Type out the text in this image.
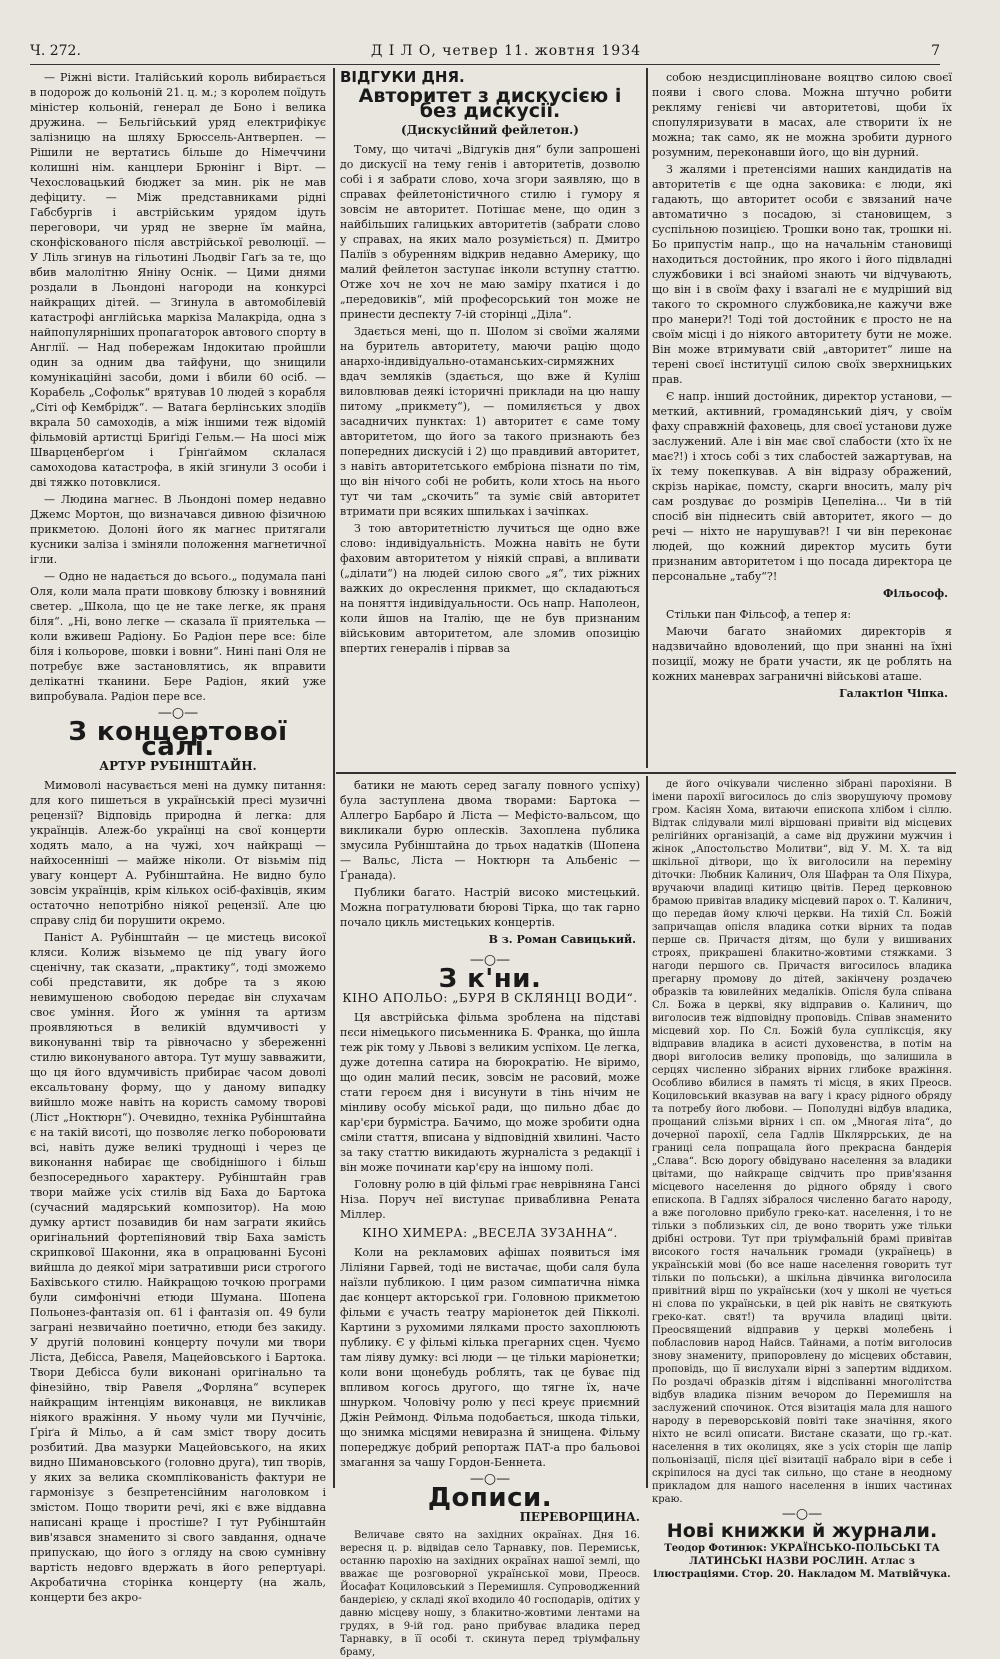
Ч. 272.	Д І Л О, четвер 11. жовтня 1934	7

— Ріжні вісти. Італійський король вибирається в подорож до кольоній 21. ц. м.; з королем поїдуть міністер кольоній, генерал де Боно і велика дружина. — Бельгійський уряд електрифікує залізницю на шляху Брюссель-Антверпен. — Рішили не вертатись більше до Німеччини колишні нім. канцлери Брюнінг і Вірт. — Чехословацький бюджет за мин. рік не мав дефіциту. — Між представниками рідні Габсбургів і австрійським урядом ідуть переговори, чи уряд не зверне їм майна, сконфіскованого після австрійської революції. — У Ліль згинув на гільотині Льодвіг Гаґь за те, що вбив малолітню Яніну Оснік. — Цими днями роздали в Льондоні нагороди на конкурсі найкращих дітей. — Згинула в автомобілевій катастрофі англійська маркіза Малакріда, одна з найпопулярніших пропагаторок автового спорту в Англії. — Над побережам Індокитаю пройшли один за одним два тайфуни, що знищили комунікаційні засоби, доми і вбили 60 осіб. — Корабель „Софольк“ врятував 10 людей з корабля „Сіті оф Кембрідж“. — Ватага берлінських злодіїв вкрала 50 самоходів, а між іншими теж відомій фільмовій артистці Бриґіді Гельм.— На шосі між Шварценберґом і Ґрінґаймом склалася самоходова катастрофа, в якій згинули 3 особи і дві тяжко потовклися.

— Людина магнес. В Льондоні помер недавно Джемс Мортон, що визначався дивною фізичною прикметою. Долоні його як магнес притягали кусники заліза і зміняли положення магнетичної ігли.

— Одно не надається до всього.„ подумала пані Оля, коли мала прати шовкову блюзку і вовняний светер. „Школа, що це не таке легке, як праня біля“. „Ні, воно легке — сказала її приятелька — коли вживеш Радіону. Бо Радіон пере все: біле біля і кольорове, шовки і вовни“. Нині пані Оля не потребує вже застановлятись, як вправити делікатні тканини. Бере Радіон, який уже випробувала. Радіон пере все.

—○—
З концертової салі.
АРТУР РУБІНШТАЙН.

Мимоволі насувається мені на думку питання: для кого пишеться в українській пресі музичні рецензії? Відповідь природна й легка: для українців. Алеж-бо українці на свої концерти ходять мало, а на чужі, хоч найкращі — найхосенніші — майже ніколи. От візьмім під увагу концерт А. Рубінштайна. Не видно було зовсім українців, крім кількох осіб-фахівців, яким остаточно непотрібно ніякої рецензії. Але цю справу слід би порушити окремо.

Паніст А. Рубінштайн — це мистець високої кляси. Колиж візьмемо це під увагу його сценічну, так сказати, „практику“, тоді зможемо собі представити, як добре та з якою невимушеною свободою передає він слухачам своє уміння. Його ж уміння та артизм проявляються в великій вдумчивості у виконуванні твір та рівночасно у збереженні стилю виконуваного автора. Тут мушу завважити, що ця його вдумчивість прибирає часом доволі ексальтовану форму, що у даному випадку вийшло може навіть на користь самому творові (Ліст „Ноктюрн“). Очевидно, техніка Рубінштайна є на такій висоті, що позволяє легко побороювати всі, навіть дуже великі труднощі і через це виконання набирає ще свобіднішого і більш безпосереднього характеру. Рубінштайн грав твори майже усіх стилів від Баха до Бартока (сучасний мадярський композитор). На мою думку артист позавидив би нам заграти якийсь оригінальний фортепіяновий твір Баха замість скрипкової Шаконни, яка в опрацюванні Бусоні вийшла до деякої міри затративши риси строгого Бахівського стилю. Найкращою точкою програми були симфонічні етюди Шумана. Шопена Польонез-фантазія оп. 61 і фантазія оп. 49 були заграні незвичайно поетично, етюди без закиду. У другій половині концерту почули ми твори Ліста, Дебісса, Равеля, Мацейовського і Бартока. Твори Дебісса були виконані оригінально та фінезійно, твір Равеля „Форляна“ всуперек найкращим інтенціям виконавця, не викликав ніякого вражіння. У ньому чули ми Пуччініє, Ґріґа й Мільо, а й сам зміст твору досить розбитий. Два мазурки Мацейовського, на яких видно Шимановського (головно друга), тип творів, у яких за велика скомплікованість фактури не гармонізує з безпретенсійним наголовком і змістом. Пощо творити речі, які є вже віддавна написані краще і простіше? І тут Рубінштайн вив'язався знаменито зі свого завдання, одначе припускаю, що його з огляду на свою сумнівну вартість недовго вдержать в його репертуарі. Акробатична сторінка концерту (на жаль, концерти без акро-

ВІДГУКИ ДНЯ.
Авторитет з дискусією і без дискусії.
(Дискусійний фейлетон.)

Тому, що читачі „Відгуків дня“ були запрошені до дискусії на тему генів і авторитетів, дозволю собі і я забрати слово, хоча згори заявляю, що в справах фейлетоністичного стилю і гумору я зовсім не авторитет. Потішає мене, що один з найбільших галицьких авторитетів (забрати слово у справах, на яких мало розуміється) п. Дмитро Паліїв з обуренням відкрив недавно Америку, що малий фейлетон заступає інколи вступну статтю. Отже хоч не хоч не маю заміру пхатися і до „передовиків“, мій професорський тон може не принести деспекту 7-ій сторінці „Діла“.

Здається мені, що п. Шолом зі своїми жалями на буритель авторитету, маючи рацію щодо анархо-індивідуально-отаманських-сирмяжних вдач земляків (здається, що вже й Куліш виловлював деякі історичні приклади на цю нашу питому „прикмету“), — помиляється у двох засадничих пунктах: 1) авторитет є саме тому авторитетом, що його за такого признають без попередних дискусій і 2) що правдивий авторитет, з навіть авторитетського ембріона пізнати по тім, що він нічого собі не робить, коли хтось на нього тут чи там „скочить“ та зуміє свій авторитет втримати при всяких шпильках і зачіпках.

З тою авторитетністю лучиться ще одно вже слово: індивідуальність. Можна навіть не бути фаховим авторитетом у ніякій справі, а впливати („ділати“) на людей силою свого „я“, тих ріжних важких до окреслення прикмет, що складаються на поняття індивідуальности. Ось напр. Наполеон, коли йшов на Італію, ще не був признаним військовим авторитетом, але зломив опозицію впертих генералів і пірвав за

батики не мають серед загалу повного успіху) була заступлена двома творами: Бартока — Аллегро Барбаро й Ліста — Мефісто-вальсом, що викликали бурю оплесків. Захоплена публика змусила Рубінштайна до трьох надатків (Шопена — Вальс, Ліста — Ноктюрн та Альбеніс — Ґранада).

Публики багато. Настрій високо мистецький. Можна погратулювати бюрові Тірка, що так гарно почало цикль мистецьких концертів.

В з. Роман Савицький.
—○—
З к'ни.
КІНО АПОЛЬО: „БУРЯ В СКЛЯНЦІ ВОДИ“.

Ця австрійська фільма зроблена на підставі пєси німецького письменника Б. Франка, що йшла теж рік тому у Львові з великим успіхом. Це легка, дуже дотепна сатира на бюрократію. Не віримо, що один малий песик, зовсім не расовий, може стати героєм дня і висунути в тінь нічим не мінливу особу міської ради, що пильно дбає до кар'єри бурмістра. Бачимо, що може зробити одна сміли стаття, вписана у відповідній хвилині. Часто за таку статтю викидають журналіста з редакції і він може починати кар'єру на іншому полі.

Головну ролю в цій фільмі грає неврівняна Гансі Ніза. Поруч неї виступає привабливна Рената Міллер.

КІНО ХИМЕРА: „ВЕСЕЛА ЗУЗАННА“.

Коли на рекламових афішах появиться імя Ліліяни Гарвей, тоді не вистачає, щоби саля була наїзли публикою. І цим разом симпатична німка дає концерт акторської гри. Головною прикметою фільми є участь театру маріонеток дей Пікколі. Картини з рухомими лялками просто захоплюють публику. Є у фільмі кілька прегарних сцен. Чуємо там ліяву думку: всі люди — це тільки маріонетки; коли вони щонебудь роблять, так це буває під впливом когось другого, що тягне їх, наче шнурком. Чоловічу ролю у пєсі креує приємний Джін Реймонд. Фільма подобається, шкода тільки, що знимка місцями невиразна й знищена. Фільму попереджує добрий репортаж ПАТ-а про бальовоі змагання за чашу Гордон-Беннета.

—○—
Дописи.
ПЕРЕВОРЩИНА.

Величаве свято на західних окраїнах. Дня 16. вересня ц. р. відвідав село Тарнавку, пов. Перемиськ, останню парохію на західних окраїнах нашої землі, що вважає ще розговорної української мови, Преосв. Йосафат Коциловський з Перемишля. Супроводженний бандерією, у складі якої входило 40 господарів, одітих у давню місцеву ношу, з блакитно-жовтими лентами на грудях, в 9-ій год. рано прибуває владика перед Тарнавку, в її особі т. скинута перед тріумфальну браму,

собою нездисципліноване вояцтво силою своєї появи і свого слова. Можна штучно робити рекляму генієві чи авторитетові, щоби їх спопуляризувати в масах, але створити їх не можна; так само, як не можна зробити дурного розумним, переконавши його, що він дурний.

З жалями і претенсіями наших кандидатів на авторитетів є ще одна заковика: є люди, які гадають, що авторитет особи є звязаний наче автоматично з посадою, зі становищем, з суспільною позицією. Трошки воно так, трошки ні. Бо припустім напр., що на начальнім становищі находиться достойник, про якого і його підвладні службовики і всі знайомі знають чи відчувають, що він і в своїм фаху і взагалі не є мудріший від такого то скромного службовика,не кажучи вже про манери?! Тоді той достойник є просто не на своїм місці і до ніякого авторитету бути не може. Він може втримувати свій „авторитет“ лише на терені своєї інституції силою своїх зверхницьких прав.

Є напр. інший достойник, директор установи, — меткий, активний, громадянський діяч, у своїм фаху справжній фаховець, для своєї установи дуже заслужений. Але і він має свої слабости (хто їх не має?!) і хтось собі з тих слабостей зажартував, на їх тему покепкував. А він відразу ображений, скрізь нарікає, помсту, скарги вносить, малу річ сам роздуває до розмірів Цепеліна... Чи в тій спосіб він піднесить свій авторитет, якого — до речі — ніхто не нарушував?! І чи він переконає людей, що кожний директор мусить бути признаним авторитетом і що посада директора це персональне „табу“?!

Фільософ.

Стільки пан Фільсоф, а тепер я:

Маючи багато знайомих директорів я надзвичайно вдоволений, що при знанні на їхні позиції, можу не брати участи, як це роблять на кожних маневрах заграничні військові аташе.

Галактіон Чіпка.

де його очікували численно зібрані парохіяни. В імени парохії вигосилось до сліз зворушуючу промову гром. Касіян Хома, витаючи епископа хлібом і сіллю. Відтак слідували милі віршовані привіти від місцевих релігійних організацій, а саме від дружини мужчин і жінок „Апостольство Молитви“, від У. М. Х. та від шкільної дітвори, що їх виголосили на переміну діточки: Любник Калинич, Оля Шафран та Оля Піхура, вручаючи владиці китицю цвітів. Перед церковною брамою привітав владику місцевий парох о. Т. Калинич, що передав йому ключі церкви. На тихій Сл. Божій запричащав опісля владика сотки вірних та подав перше св. Причастя дітям, що були у вишиваних строях, прикрашені блакитно-жовтими стяжками. З нагоди першого св. Причастя вигосилось владика прегарну промову до дітей, закінчену роздачею образків та ювилейних медаліків. Опісля була співана Сл. Божа в церкві, яку відправив о. Калинич, що виголосив теж відповідну проповідь. Співав знаменито місцевий хор. По Сл. Божій була супліксція, яку відправив владика в асисті духовенства, в потім на дворі виголосив велику проповідь, що залишила в серцях численно зібраних вірних глибоке вражіння. Особливо вбилися в память ті місця, в яких Преосв. Коциловський вказував на вагу і красу рідного обряду та потребу його любови. — Пополудні відбув владика, прощаний слізьми вірних і сп. ом „Многая літа“, до дочерної парохії, села Гадлів Шкляррських, де на границі села попращала його прекрасна бандерія „Слава“. Всю дорогу обвідувано населення за владики цвітами, що найкраще свідчить про прив'язання місцевого населення до рідного обряду і свого епископа. В Гадлях зібралося численно багато народу, а вже поголовно прибуло греко-кат. населення, і то не тільки з поблизьких сіл, де воно творить уже тільки дрібні острови. Тут при тріумфальній брамі привітав високого гостя начальник громади (українець) в українській мові (бо все наше населення говорить тут тільки по польськи), а шкільна дівчинка виголосила привітний вірш по українськи (хоч у школі не чується ні слова по українськи, в цей рік навіть не святкують греко-кат. свят!) та вручила владиці цвіти. Преосвящений відправив у церкві молебень і побласловив народ Найсв. Тайнами, а потім виголосив знову знамениту, припоровлену до місцевих обставин, проповідь, що її вислухали вірні з запертим віддихом. По роздачі образків дітям і відспіванні многолітства відбув владика пізним вечором до Перемишля на заслужений спочинок. Отся візитація мала для нашого народу в переворськовій повіті таке значіння, якого ніхто не всилі описати. Вистане сказати, що гр.-кат. населення в тих околицях, яке з усіх сторін ще лапір польонізації, після цієї візитації набрало віри в себе і скріпилося на дусі так сильно, що стане в неодному прикладом для нашого населення в інших частинах краю.

—○—
Нові книжки й журнали.

Теодор Фотинюк: УКРАЇНСЬКО-ПОЛЬСЬКІ ТА ЛАТИНСЬКІ НАЗВИ РОСЛИН. Атлас з ілюстраціями. Стор. 20. Накладом М. Матвійчука.
